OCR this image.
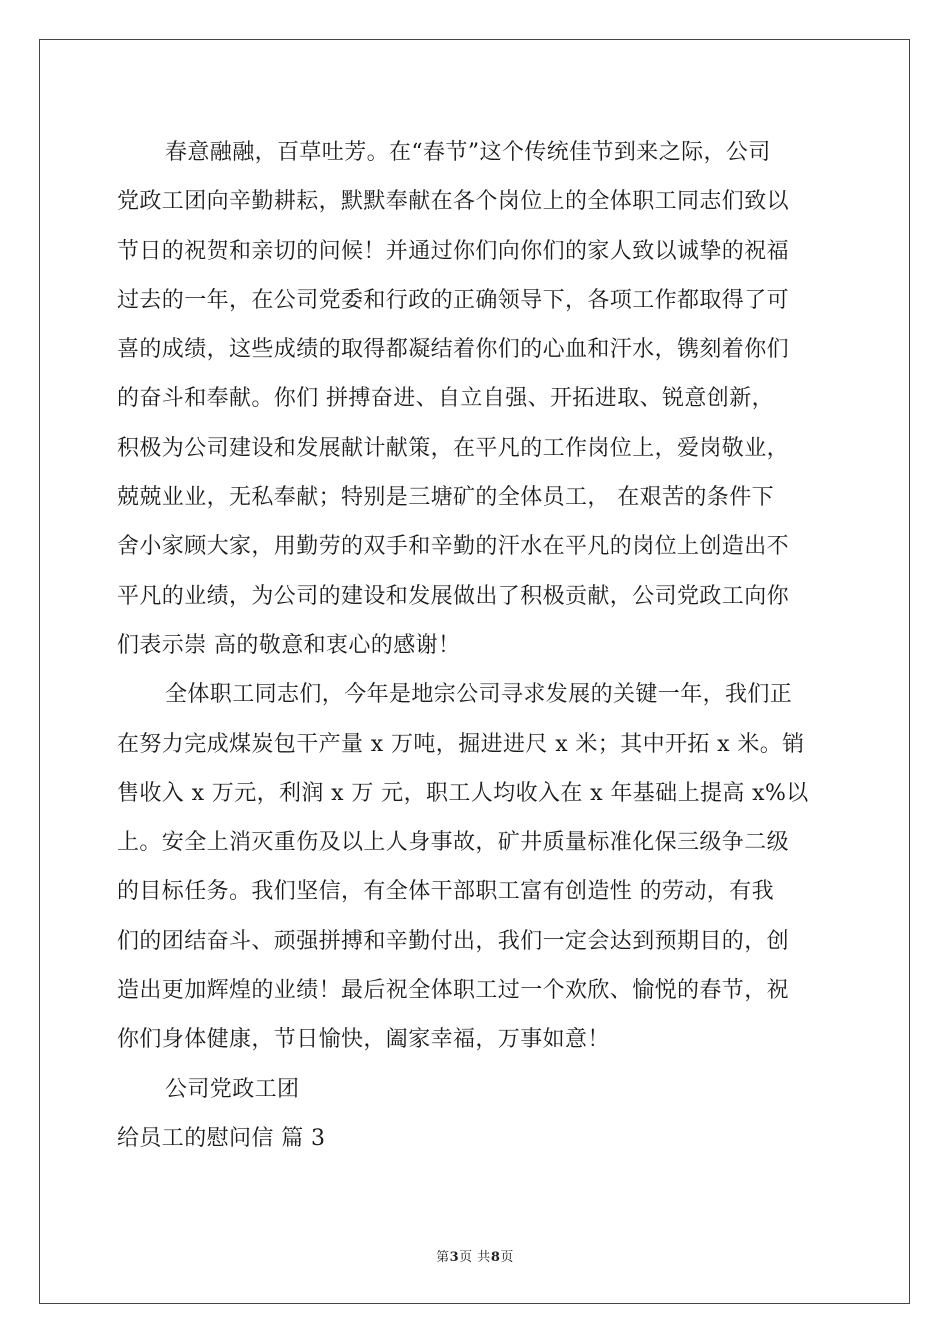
春意融融，百草吐芳。在“春节”这个传统佳节到来之际，公司
党政工团向辛勤耕耘，默默奉献在各个岗位上的全体职工同志们致以
节日的祝贺和亲切的问候！并通过你们向你们的家人致以诚挚的祝福
过去的一年，在公司党委和行政的正确领导下，各项工作都取得了可
喜的成绩，这些成绩的取得都凝结着你们的心血和汗水，镌刻着你们
的奋斗和奉献。你们 拼搏奋进、自立自强、开拓进取、锐意创新，
积极为公司建设和发展献计献策，在平凡的工作岗位上，爱岗敬业，
兢兢业业，无私奉献；特别是三塘矿的全体员工， 在艰苦的条件下
舍小家顾大家，用勤劳的双手和辛勤的汗水在平凡的岗位上创造出不
平凡的业绩，为公司的建设和发展做出了积极贡献，公司党政工向你
们表示崇 高的敬意和衷心的感谢！
全体职工同志们，今年是地宗公司寻求发展的关键一年，我们正
在努力完成煤炭包干产量 x 万吨，掘进进尺 x 米；其中开拓 x 米。销
售收入 x 万元，利润 x 万 元，职工人均收入在 x 年基础上提高 x%以
上。安全上消灭重伤及以上人身事故，矿井质量标准化保三级争二级
的目标任务。我们坚信，有全体干部职工富有创造性 的劳动，有我
们的团结奋斗、顽强拼搏和辛勤付出，我们一定会达到预期目的，创
造出更加辉煌的业绩！最后祝全体职工过一个欢欣、愉悦的春节，祝
你们身体健康，节日愉快，阖家幸福，万事如意！
公司党政工团
给员工的慰问信 篇 3
第3页 共8页
